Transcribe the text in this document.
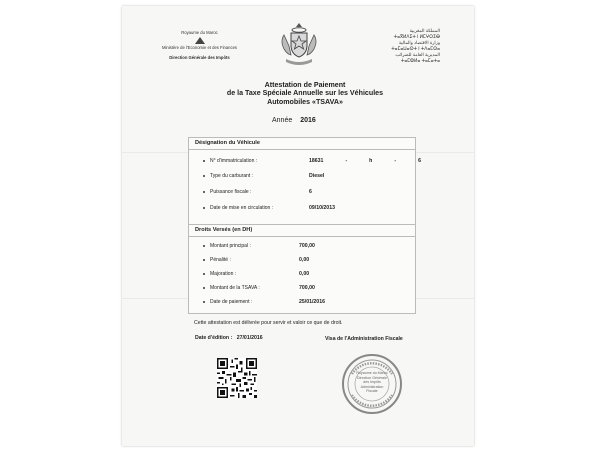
Royaume du Maroc
Ministère de l'Economie et des Finances
Direction Générale des Impôts
المملكة المغربية
ⵜⴰⴳⵍⴷⵉⵜ ⵏ ⵍⵎⵖⵔⵉⴱ
وزارة الاقتصاد والمالية
ⵜⴰⵎⴰⵡⴰⵙⵜ ⵏ ⵜⴷⴰⵎⵙⴰ
المديرية العامة للضرائب
ⵜⴰⵎⵀⵍⴰ ⵜⴰⵎⴰⵜⴰ
Attestation de Paiement
de la Taxe Spéciale Annuelle sur les Véhicules
Automobiles «TSAVA»
Année 2016
Désignation du Véhicule
N° d'immatriculation :	18631	-	h	-	6
Type du carburant :	Diesel
Puissance fiscale :	6
Date de mise en circulation :	09/10/2013
Droits Versés (en DH)
Montant principal :	700,00
Pénalité :	0,00
Majoration :	0,00
Montant de la TSAVA :	700,00
Date de paiement :	25/01/2016
Cette attestation est délivrée pour servir et valoir ce que de droit.
Date d'édition : 27/01/2016	Visa de l'Administration Fiscale
Royaume du Maroc
Direction Générale des Impôts
Administration
Fiscale
